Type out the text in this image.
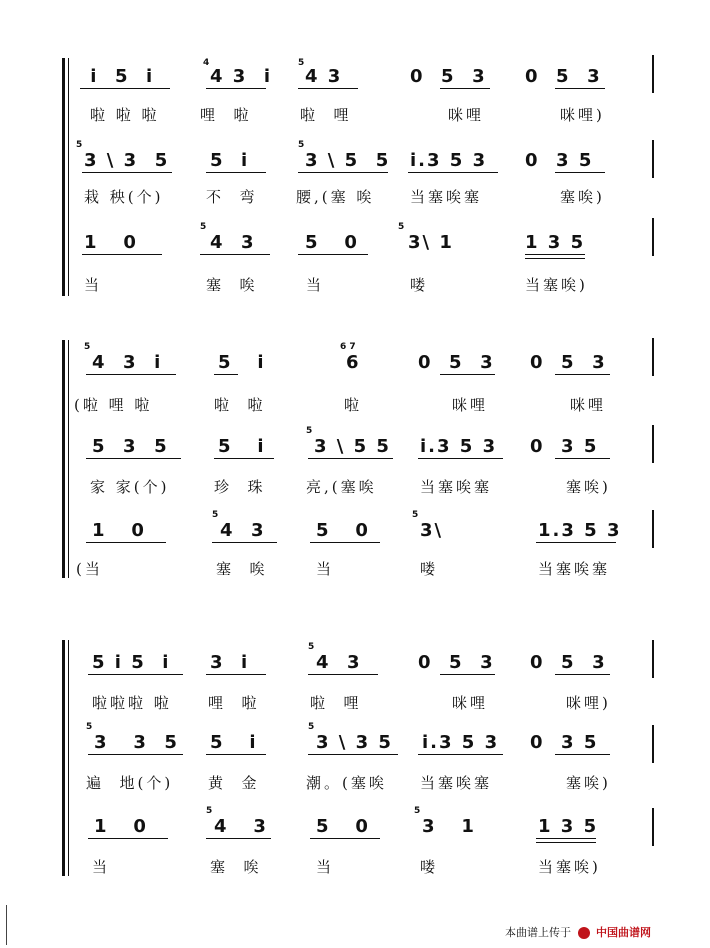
i  5  i	4 3  i
4
4 3
5
0  5  3 0  5  3
啦 啦 啦	哩  啦	啦  哩	咪哩	咪哩)
5
3 \ 3  5 5  i
5
3 \ 5  5 i.3 5 3 0  3 5
栽 秧(个)	不  弯	腰,(塞 唉 当塞唉塞	塞唉)
1   0
5
4  3	5   0
5
3\ 1	1 3 5
当	塞  唉	当	喽	当塞唉)
5
4  3  i	5   i
6 7
6	0  5  3 0  5  3
(啦 哩 啦	啦  啦	啦	咪哩	咪哩
5  3  5	5   i
5
3 \ 5 5 i.3 5 3 0  3 5
家 家(个)	珍  珠	亮,(塞唉	当塞唉塞	塞唉)
1   0
5
4  3	5   0
5
3\	1.3 5 3
(当	塞  唉	当	喽	当塞唉塞
5 i 5  i 3  i
5
4  3	0  5  3 0  5  3
啦啦啦 啦 哩  啦	啦  哩	咪哩	咪哩)
5
3   3  5 5   i
5
3 \ 3 5 i.3 5 3 0  3 5
遍  地(个) 黄  金	潮。(塞唉 当塞唉塞	塞唉)
1   0
5
4   3	5   0
5
3   1	1 3 5
当	塞  唉	当	喽	当塞唉)
本曲谱上传于 中国曲谱网
